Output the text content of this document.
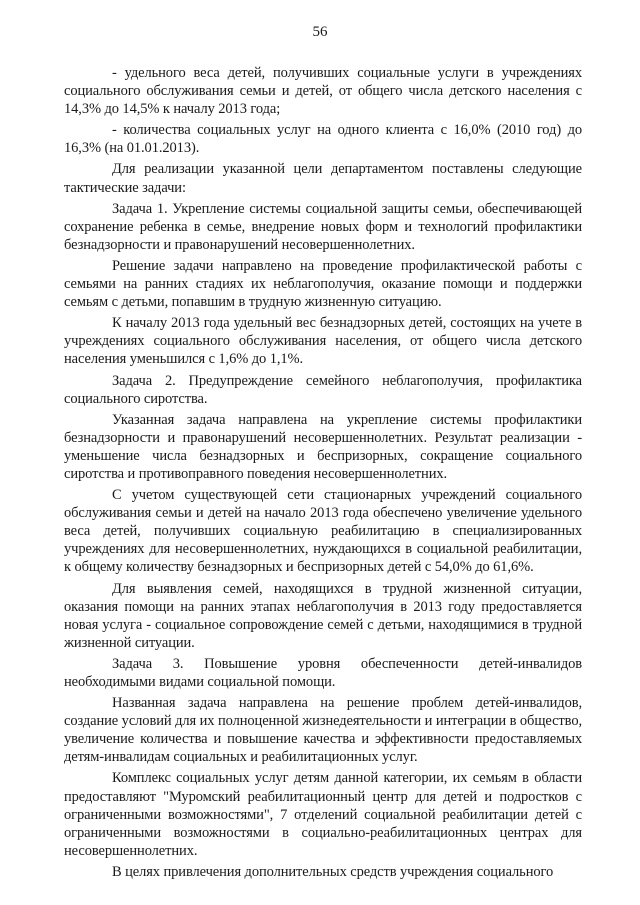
56

- удельного веса детей, получивших социальные услуги в учреждениях социального обслуживания семьи и детей, от общего числа детского населения с 14,3% до 14,5% к началу 2013 года;

- количества социальных услуг на одного клиента с 16,0% (2010 год) до 16,3% (на 01.01.2013).

Для реализации указанной цели департаментом поставлены следующие тактические задачи:

Задача 1. Укрепление системы социальной защиты семьи, обеспечивающей сохранение ребенка в семье, внедрение новых форм и технологий профилактики безнадзорности и правонарушений несовершеннолетних.

Решение задачи направлено на проведение профилактической работы с семьями на ранних стадиях их неблагополучия, оказание помощи и поддержки семьям с детьми, попавшим в трудную жизненную ситуацию.

К началу 2013 года удельный вес безнадзорных детей, состоящих на учете в учреждениях социального обслуживания населения, от общего числа детского населения уменьшился с 1,6% до 1,1%.

Задача 2. Предупреждение семейного неблагополучия, профилактика социального сиротства.

Указанная задача направлена на укрепление системы профилактики безнадзорности и правонарушений несовершеннолетних. Результат реализации - уменьшение числа безнадзорных и беспризорных, сокращение социального сиротства и противоправного поведения несовершеннолетних.

С учетом существующей сети стационарных учреждений социального обслуживания семьи и детей на начало 2013 года обеспечено увеличение удельного веса детей, получивших социальную реабилитацию в специализированных учреждениях для несовершеннолетних, нуждающихся в социальной реабилитации, к общему количеству безнадзорных и беспризорных детей с 54,0% до 61,6%.

Для выявления семей, находящихся в трудной жизненной ситуации, оказания помощи на ранних этапах неблагополучия в 2013 году предоставляется новая услуга - социальное сопровождение семей с детьми, находящимися в трудной жизненной ситуации.

Задача 3. Повышение уровня обеспеченности детей-инвалидов необходимыми видами социальной помощи.

Названная задача направлена на решение проблем детей-инвалидов, создание условий для их полноценной жизнедеятельности и интеграции в общество, увеличение количества и повышение качества и эффективности предоставляемых детям-инвалидам социальных и реабилитационных услуг.

Комплекс социальных услуг детям данной категории, их семьям в области предоставляют "Муромский реабилитационный центр для детей и подростков с ограниченными возможностями", 7 отделений социальной реабилитации детей с ограниченными возможностями в социально-реабилитационных центрах для несовершеннолетних.

В целях привлечения дополнительных средств учреждения социального
